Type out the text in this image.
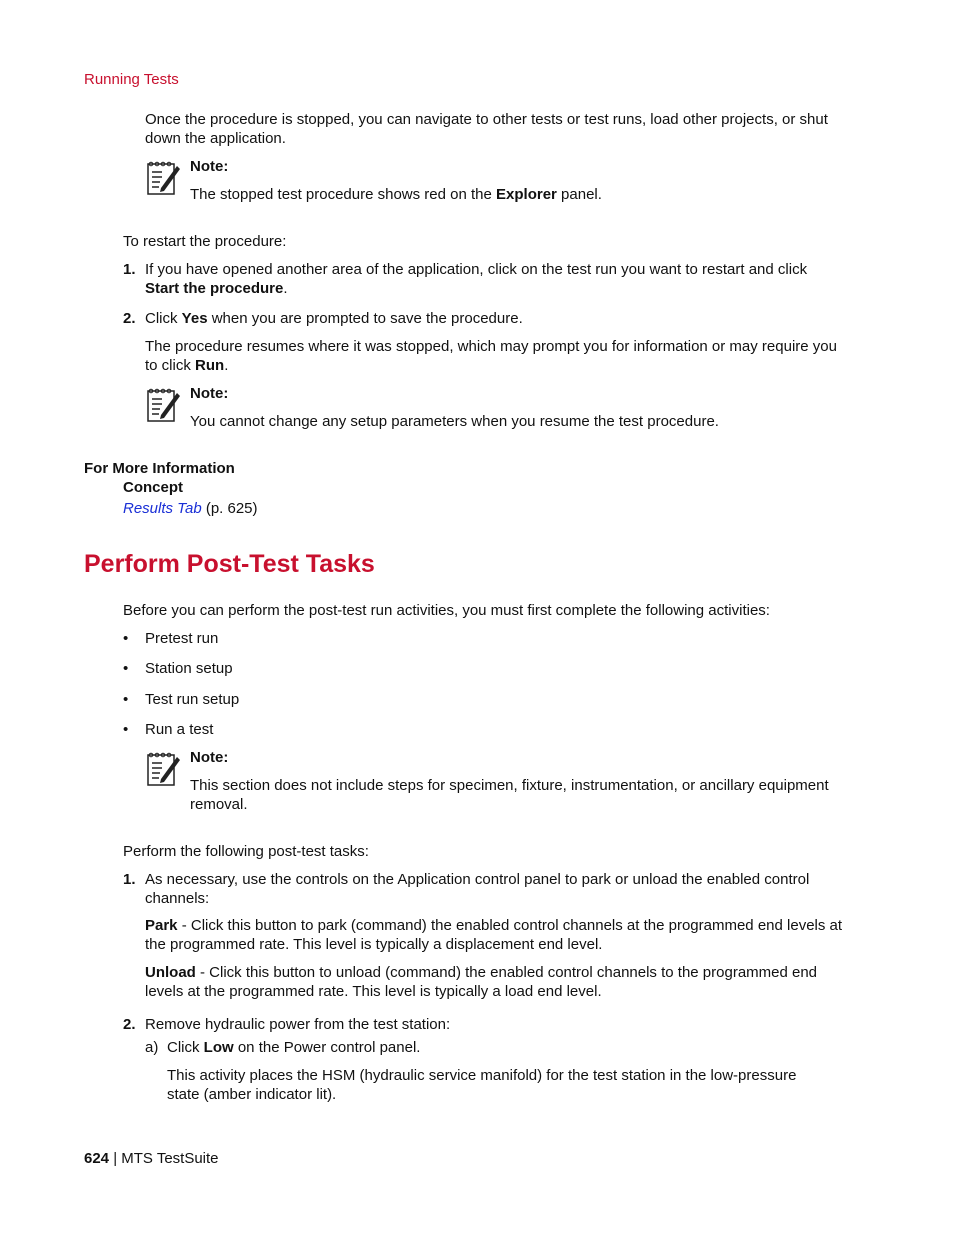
Running Tests
Once the procedure is stopped, you can navigate to other tests or test runs, load other projects, or shut down the application.
Note:
The stopped test procedure shows red on the Explorer panel.
To restart the procedure:
1. If you have opened another area of the application, click on the test run you want to restart and click
Start the procedure.
2. Click Yes when you are prompted to save the procedure.
The procedure resumes where it was stopped, which may prompt you for information or may require you to click Run.
Note:
You cannot change any setup parameters when you resume the test procedure.
For More Information
Concept
Results Tab (p. 625)
Perform Post-Test Tasks
Before you can perform the post-test run activities, you must first complete the following activities:
• Pretest run
• Station setup
• Test run setup
• Run a test
Note:
This section does not include steps for specimen, fixture, instrumentation, or ancillary equipment removal.
Perform the following post-test tasks:
1. As necessary, use the controls on the Application control panel to park or unload the enabled control channels:
Park - Click this button to park (command) the enabled control channels at the programmed end levels at the programmed rate. This level is typically a displacement end level.
Unload - Click this button to unload (command) the enabled control channels to the programmed end levels at the programmed rate. This level is typically a load end level.
2. Remove hydraulic power from the test station:
a) Click Low on the Power control panel.
This activity places the HSM (hydraulic service manifold) for the test station in the low-pressure state (amber indicator lit).
624 | MTS TestSuite
